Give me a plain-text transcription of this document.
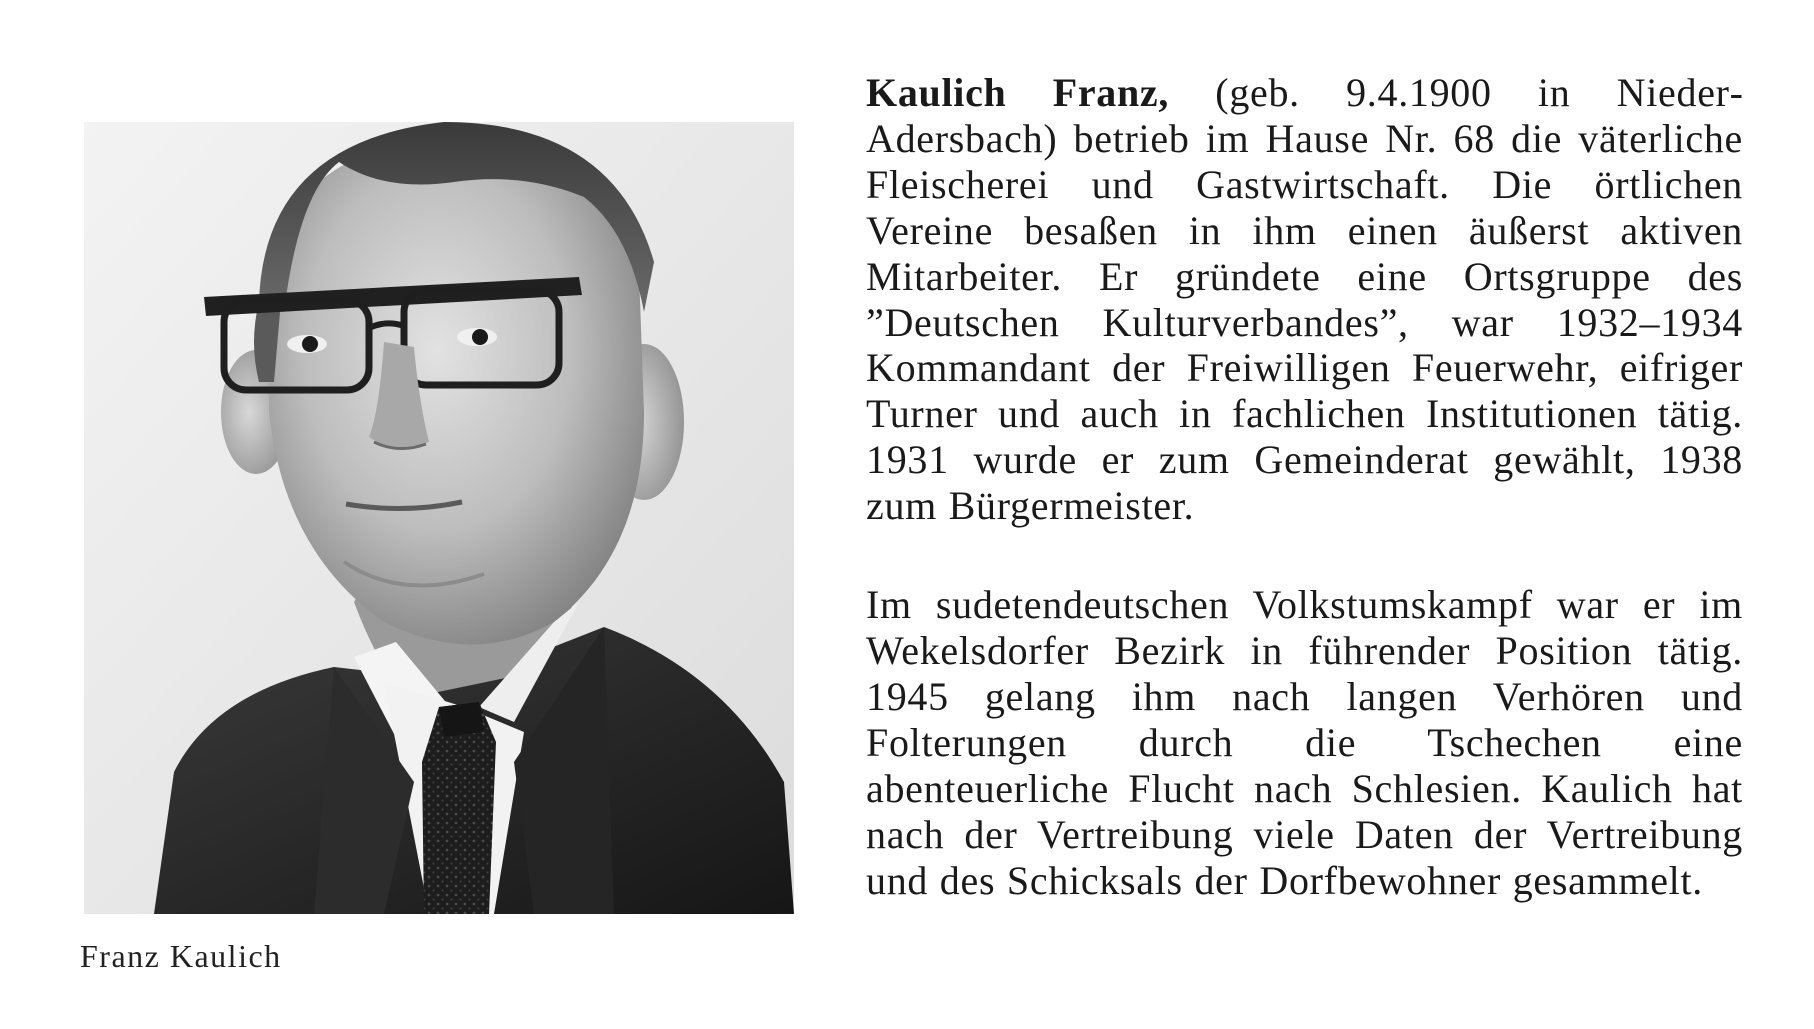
Franz Kaulich

Kaulich Franz, (geb. 9.4.1900 in NiederAdersbach) betrieb im Hause Nr. 68 die väterliche Fleischerei und Gastwirtschaft. Die örtlichen Vereine besaßen in ihm einen äußerst aktiven Mitarbeiter. Er gründete eine Ortsgruppe des ”Deutschen Kulturverbandes”, war 1932–1934 Kommandant der Freiwilligen Feuerwehr, eifriger Turner und auch in fachlichen Institutionen tätig. 1931 wurde er zum Gemeinderat gewählt, 1938 zum Bürgermeister.

Im sudetendeutschen Volkstumskampf war er im Wekelsdorfer Bezirk in führender Position tätig. 1945 gelang ihm nach langen Verhören und Folterungen durch die Tschechen eine abenteuerliche Flucht nach Schlesien. Kaulich hat nach der Vertreibung viele Daten der Vertreibung und des Schicksals der Dorfbewohner gesammelt.
